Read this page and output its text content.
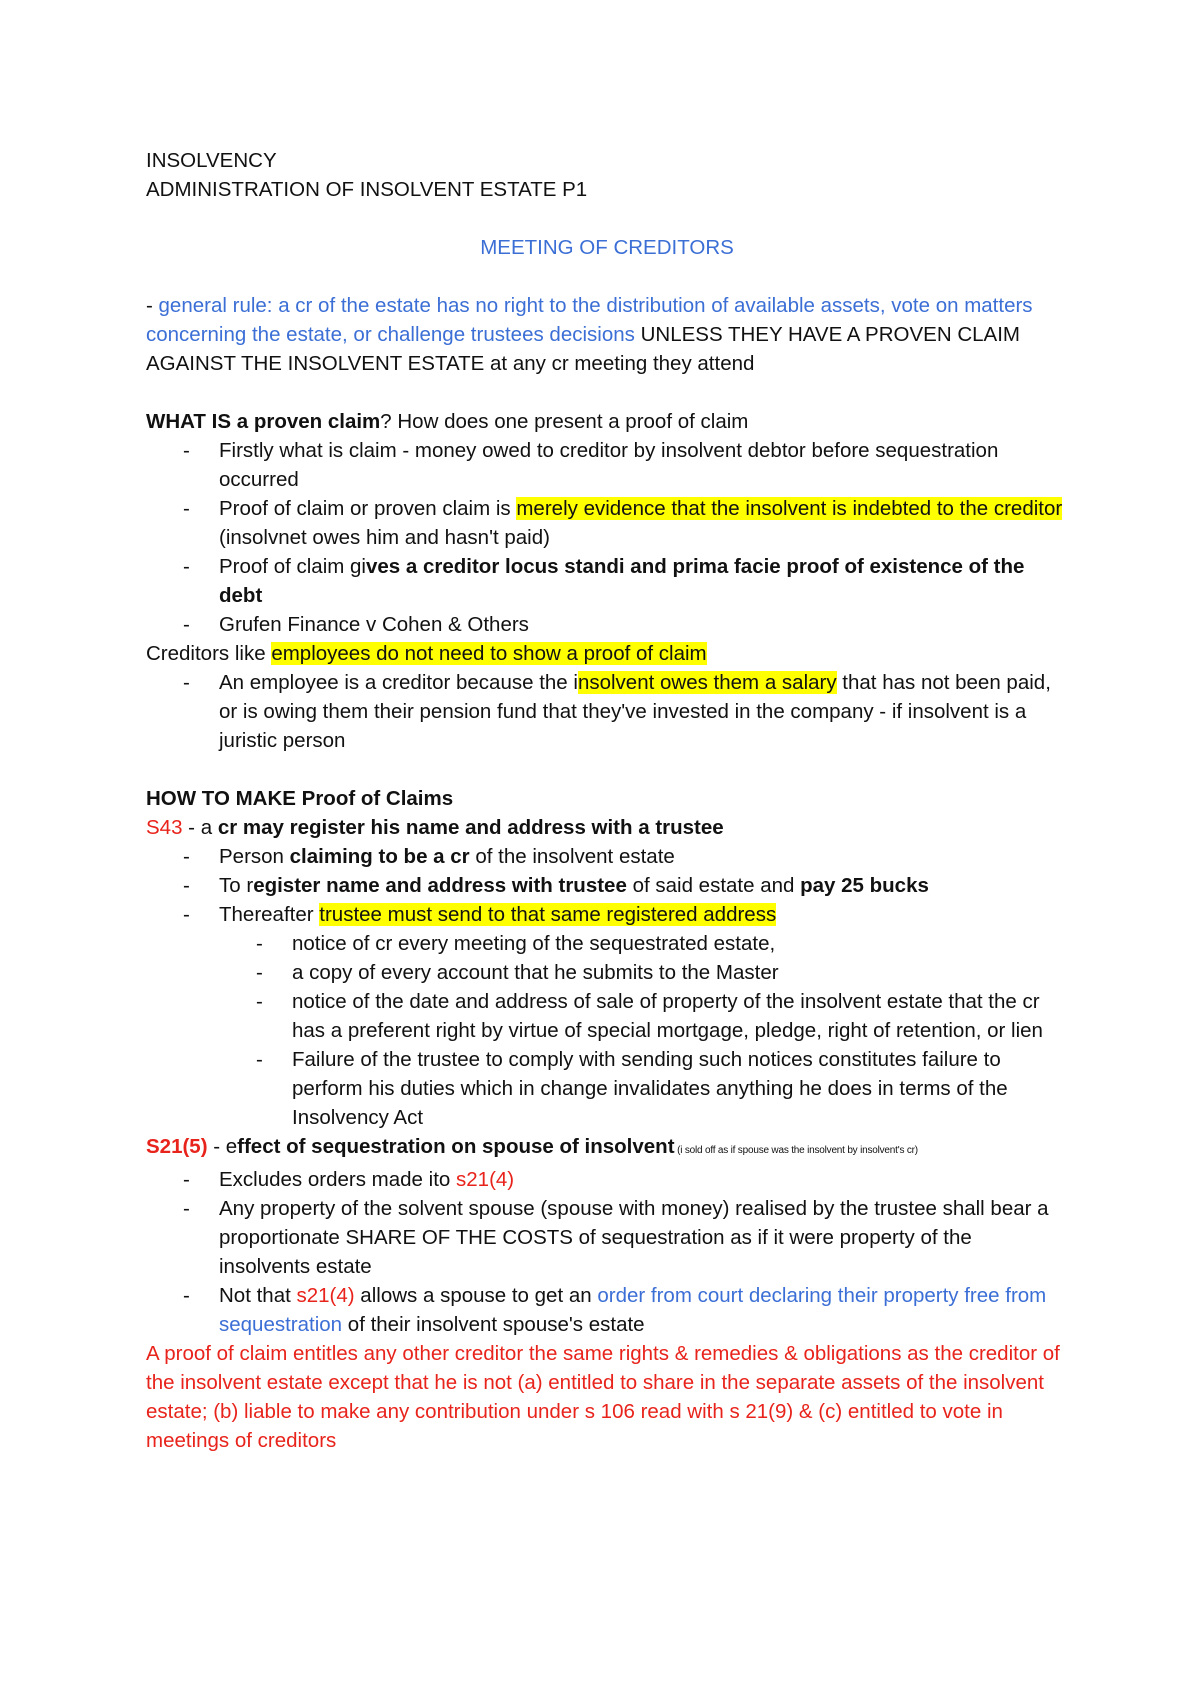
INSOLVENCY

ADMINISTRATION OF INSOLVENT ESTATE P1

MEETING OF CREDITORS

- general rule: a cr of the estate has no right to the distribution of available assets, vote on matters concerning the estate, or challenge trustees decisions UNLESS THEY HAVE A PROVEN CLAIM AGAINST THE INSOLVENT ESTATE at any cr meeting they attend

WHAT IS a proven claim? How does one present a proof of claim

- Firstly what is claim - money owed to creditor by insolvent debtor before sequestration occurred
- Proof of claim or proven claim is merely evidence that the insolvent is indebted to the creditor (insolvnet owes him and hasn't paid)
- Proof of claim gives a creditor locus standi and prima facie proof of existence of the debt
- Grufen Finance v Cohen & Others

Creditors like employees do not need to show a proof of claim

- An employee is a creditor because the insolvent owes them a salary that has not been paid, or is owing them their pension fund that they've invested in the company - if insolvent is a juristic person

HOW TO MAKE Proof of Claims

S43 - a cr may register his name and address with a trustee

- Person claiming to be a cr of the insolvent estate
- To register name and address with trustee of said estate and pay 25 bucks
- Thereafter trustee must send to that same registered address
- notice of cr every meeting of the sequestrated estate,
- a copy of every account that he submits to the Master
- notice of the date and address of sale of property of the insolvent estate that the cr has a preferent right by virtue of special mortgage, pledge, right of retention, or lien
- Failure of the trustee to comply with sending such notices constitutes failure to perform his duties which in change invalidates anything he does in terms of the Insolvency Act

S21(5) - effect of sequestration on spouse of insolvent (i sold off as if spouse was the insolvent by insolvent's cr)

- Excludes orders made ito s21(4)
- Any property of the solvent spouse (spouse with money) realised by the trustee shall bear a proportionate SHARE OF THE COSTS of sequestration as if it were property of the insolvents estate
- Not that s21(4) allows a spouse to get an order from court declaring their property free from sequestration of their insolvent spouse's estate

A proof of claim entitles any other creditor the same rights & remedies & obligations as the creditor of the insolvent estate except that he is not (a) entitled to share in the separate assets of the insolvent estate; (b) liable to make any contribution under s 106 read with s 21(9) & (c) entitled to vote in meetings of creditors
